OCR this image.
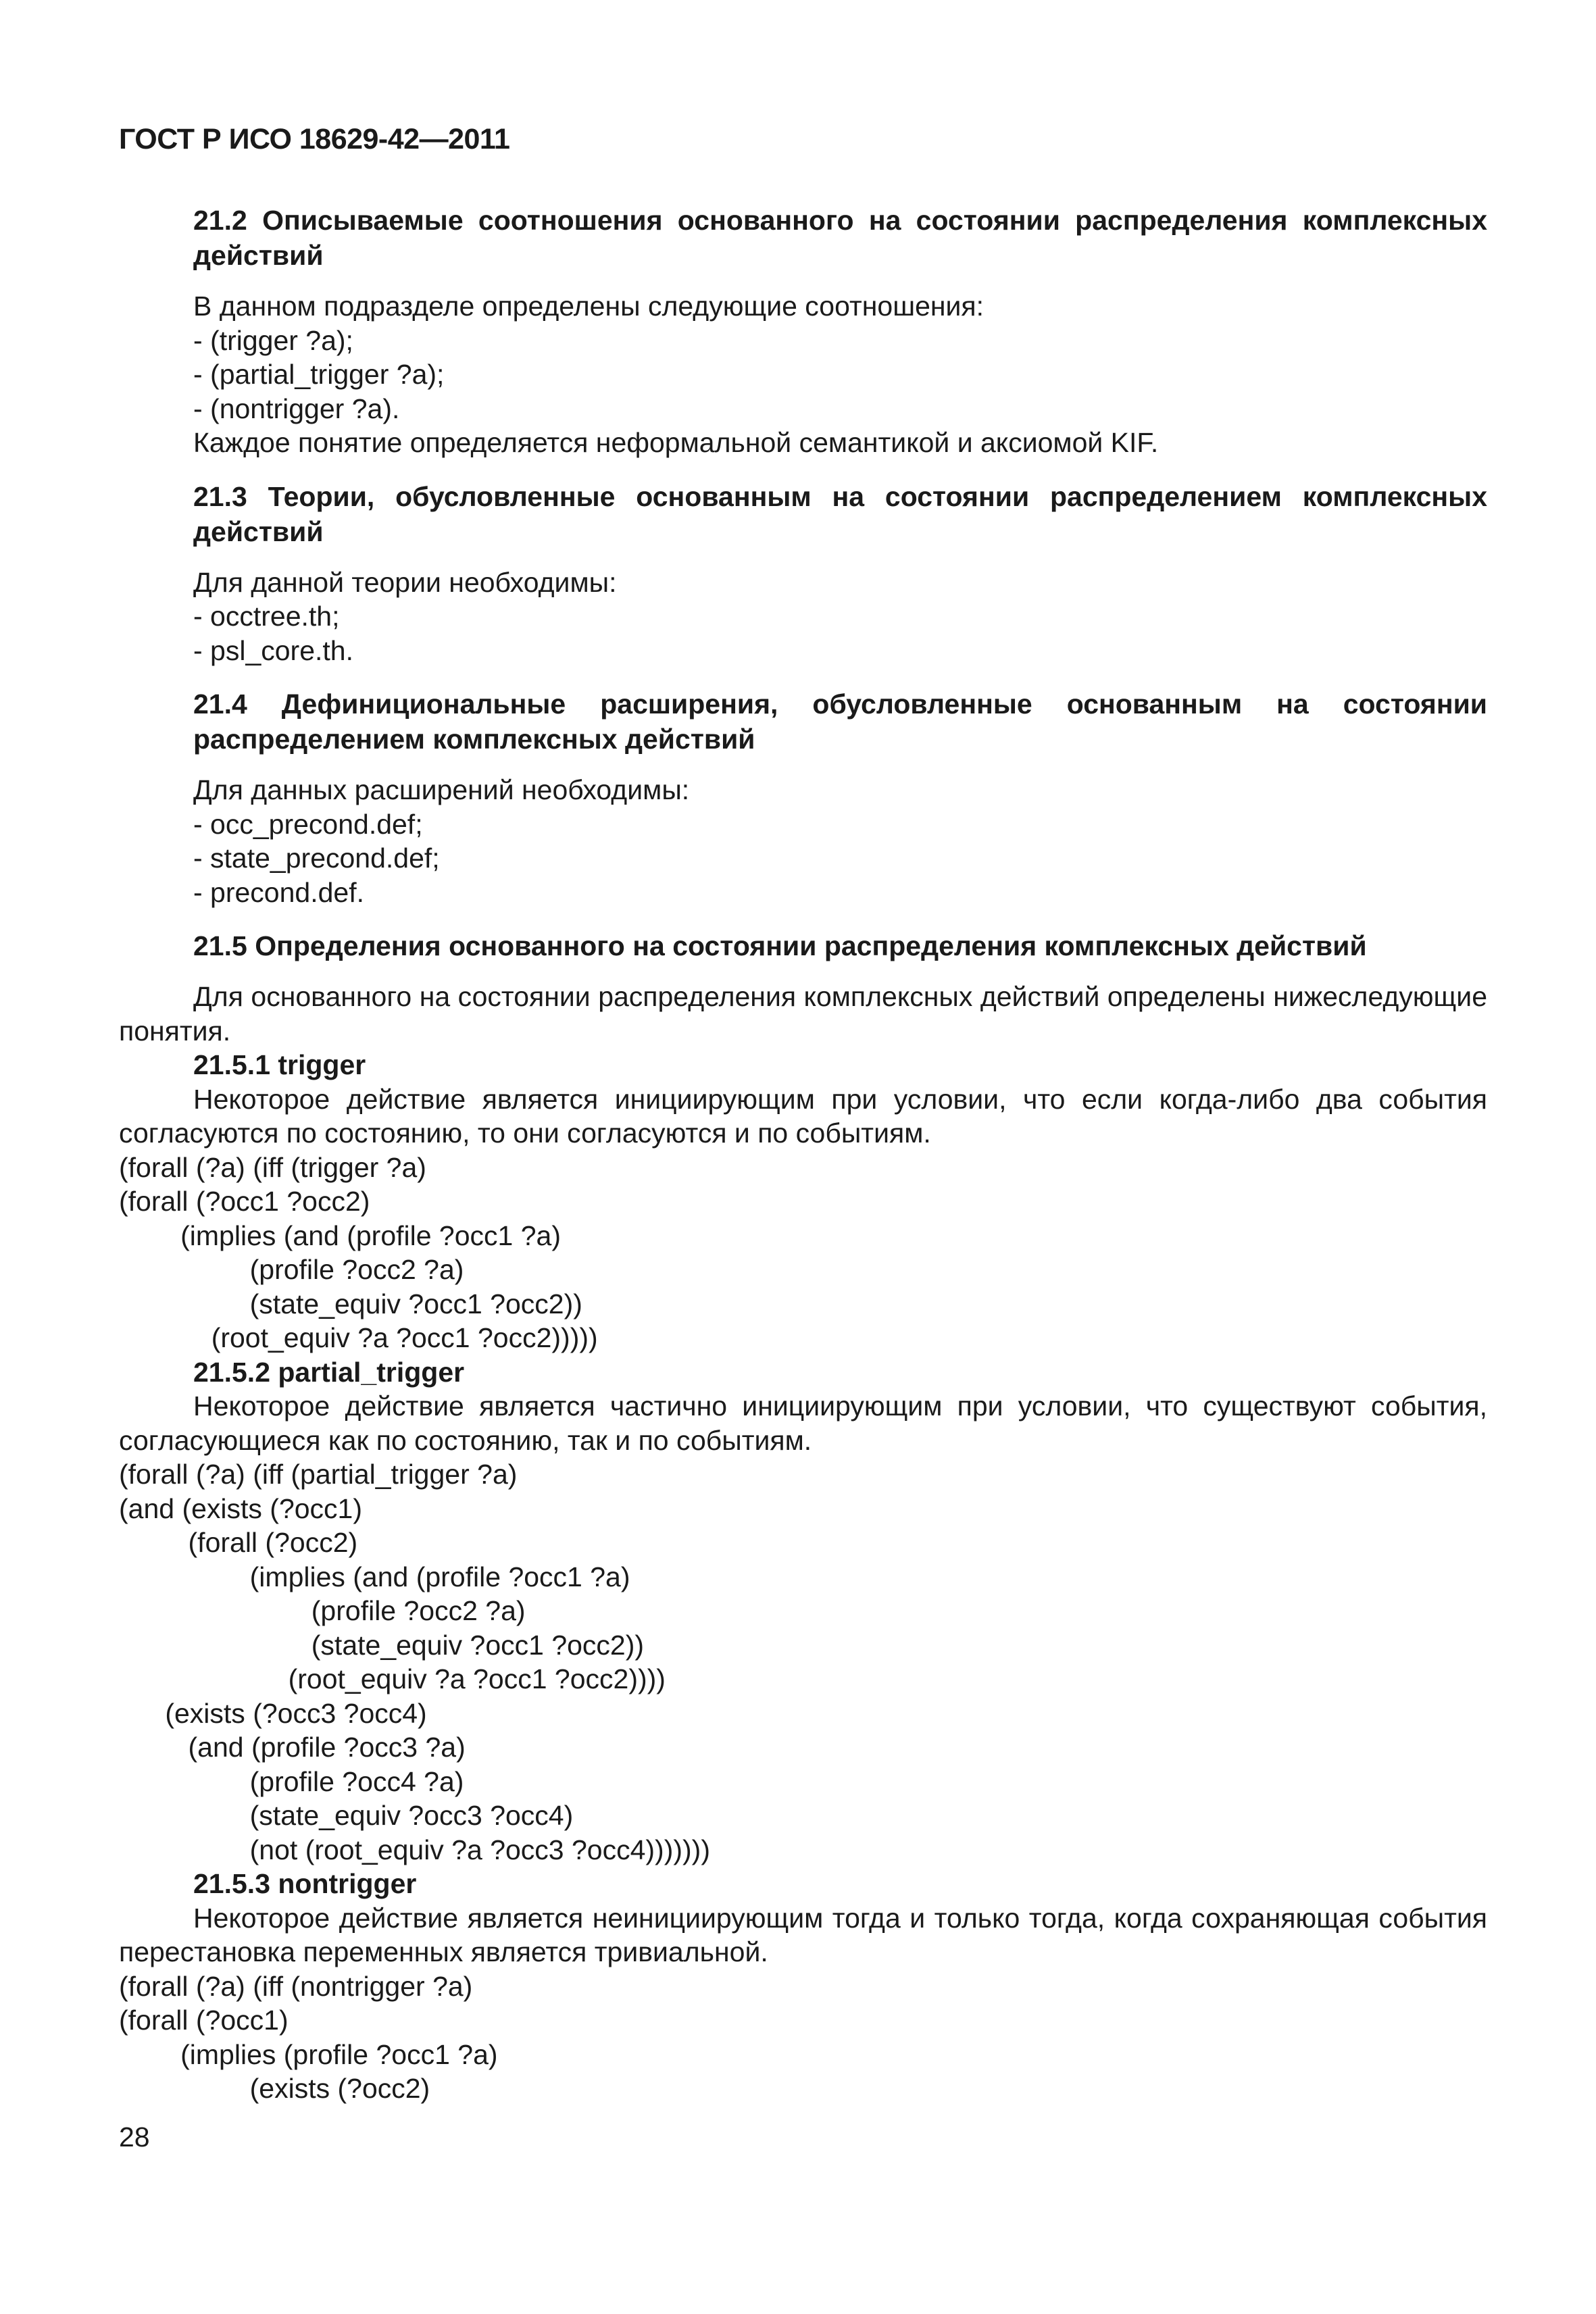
ГОСТ Р ИСО 18629-42—2011

21.2 Описываемые соотношения основанного на состоянии распределения комплексных действий

В данном подразделе определены следующие соотношения:

- (trigger ?a);

- (partial_trigger ?a);

- (nontrigger ?a).

Каждое понятие определяется неформальной семантикой и аксиомой KIF.

21.3 Теории, обусловленные основанным на состоянии распределением комплексных действий

Для данной теории необходимы:

- occtree.th;

- psl_core.th.

21.4 Дефинициональные расширения, обусловленные основанным на состоянии распределением комплексных действий

Для данных расширений необходимы:

- occ_precond.def;

- state_precond.def;

- precond.def.

21.5 Определения основанного на состоянии распределения комплексных действий

Для основанного на состоянии распределения комплексных действий определены нижеследующие понятия.

21.5.1 trigger

Некоторое действие является инициирующим при условии, что если когда-либо два события согласуются по состоянию, то они согласуются и по событиям.

(forall (?a) (iff (trigger ?a)

(forall (?occ1 ?occ2)

(implies (and (profile ?occ1 ?a)

(profile ?occ2 ?a)

(state_equiv ?occ1 ?occ2))

(root_equiv ?a ?occ1 ?occ2)))))

21.5.2 partial_trigger

Некоторое действие является частично инициирующим при условии, что существуют события, согласующиеся как по состоянию, так и по событиям.

(forall (?a) (iff (partial_trigger ?a)

(and (exists (?occ1)

(forall (?occ2)

(implies (and (profile ?occ1 ?a)

(profile ?occ2 ?a)

(state_equiv ?occ1 ?occ2))

(root_equiv ?a ?occ1 ?occ2))))

(exists (?occ3 ?occ4)

(and (profile ?occ3 ?a)

(profile ?occ4 ?a)

(state_equiv ?occ3 ?occ4)

(not (root_equiv ?a ?occ3 ?occ4)))))))

21.5.3 nontrigger

Некоторое действие является неинициирующим тогда и только тогда, когда сохраняющая события перестановка переменных является тривиальной.

(forall (?a) (iff (nontrigger ?a)

(forall (?occ1)

(implies (profile ?occ1 ?a)

(exists (?occ2)

28
